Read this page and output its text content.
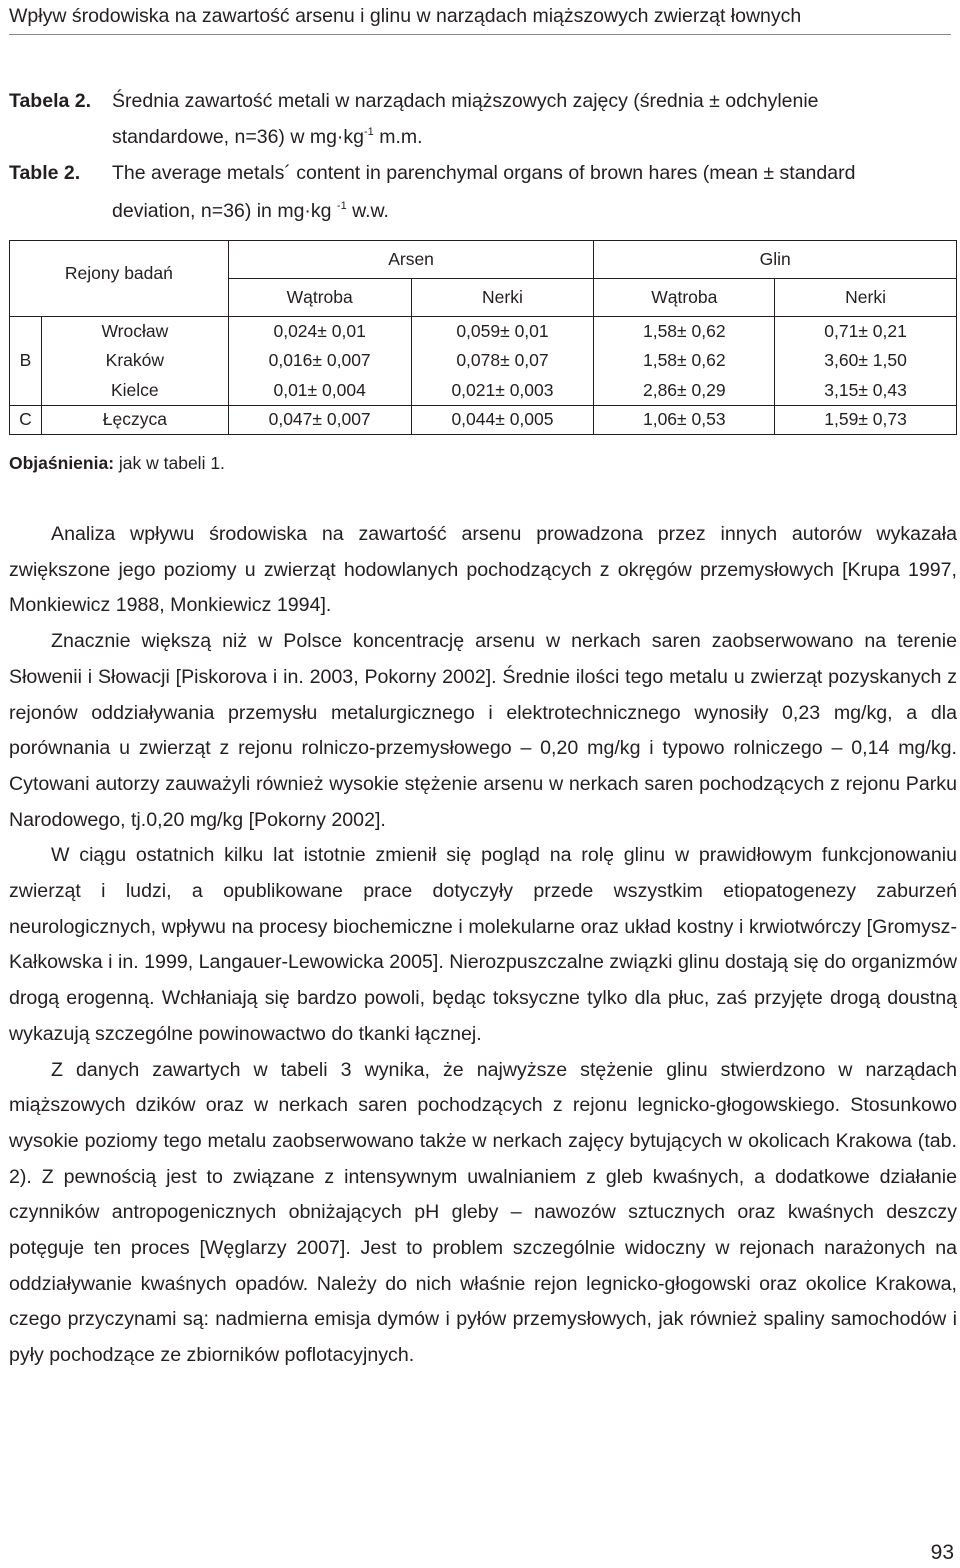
Wpływ środowiska na zawartość arsenu i glinu w narządach miąższowych zwierząt łownych
Tabela 2. Średnia zawartość metali w narządach miąższowych zajęcy (średnia ± odchylenie
standardowe, n=36) w $mg\cdot kg^{-1}$ m.m.
Table 2. The average metals´ content in parenchymal organs of brown hares (mean ± standard
deviation, n=36) in mg·kg $^{-1}$ w.w.
Rejony badań		Arsen		Glin	
		Wątroba	Nerki	Wątroba	Nerki
B	Wrocław	0,024± 0,01	0,059± 0,01	1,58± 0,62	0,71± 0,21
	Kraków	0,016± 0,007	0,078± 0,07	1,58± 0,62	3,60± 1,50
	Kielce	0,01± 0,004	0,021± 0,003	2,86± 0,29	3,15± 0,43
C	Łęczyca	0,047± 0,007	0,044± 0,005	1,06± 0,53	1,59± 0,73
Objaśnienia: jak w tabeli 1.

Analiza wpływu środowiska na zawartość arsenu prowadzona przez innych autorów wykazała zwiększone jego poziomy u zwierząt hodowlanych pochodzących z okręgów przemysłowych [Krupa 1997, Monkiewicz 1988, Monkiewicz 1994].

Znacznie większą niż w Polsce koncentrację arsenu w nerkach saren zaobserwowano na terenie Słowenii i Słowacji [Piskorova i in. 2003, Pokorny 2002]. Średnie ilości tego metalu u zwierząt pozyskanych z rejonów oddziaływania przemysłu metalurgicznego i elektrotechnicznego wynosiły 0,23 mg/kg, a dla porównania u zwierząt z rejonu rolniczo-przemysłowego – 0,20 mg/kg i typowo rolniczego – 0,14 mg/kg. Cytowani autorzy zauważyli również wysokie stężenie arsenu w nerkach saren pochodzących z rejonu Parku Narodowego, tj.0,20 mg/kg [Pokorny 2002].

W ciągu ostatnich kilku lat istotnie zmienił się pogląd na rolę glinu w prawidłowym funkcjonowaniu zwierząt i ludzi, a opublikowane prace dotyczyły przede wszystkim etiopatogenezy zaburzeń neurologicznych, wpływu na procesy biochemiczne i molekularne oraz układ kostny i krwiotwórczy [Gromysz-Kałkowska i in. 1999, Langauer-Lewowicka 2005]. Nierozpuszczalne związki glinu dostają się do organizmów drogą erogenną. Wchłaniają się bardzo powoli, będąc toksyczne tylko dla płuc, zaś przyjęte drogą doustną wykazują szczególne powinowactwo do tkanki łącznej.

Z danych zawartych w tabeli 3 wynika, że najwyższe stężenie glinu stwierdzono w narządach miąższowych dzików oraz w nerkach saren pochodzących z rejonu legnicko-głogowskiego. Stosunkowo wysokie poziomy tego metalu zaobserwowano także w nerkach zajęcy bytujących w okolicach Krakowa (tab. 2). Z pewnością jest to związane z intensywnym uwalnianiem z gleb kwaśnych, a dodatkowe działanie czynników antropogenicznych obniżających pH gleby – nawozów sztucznych oraz kwaśnych deszczy potęguje ten proces [Węglarzy 2007]. Jest to problem szczególnie widoczny w rejonach narażonych na oddziaływanie kwaśnych opadów. Należy do nich właśnie rejon legnicko-głogowski oraz okolice Krakowa, czego przyczynami są: nadmierna emisja dymów i pyłów przemysłowych, jak również spaliny samochodów i pyły pochodzące ze zbiorników poflotacyjnych.

93
